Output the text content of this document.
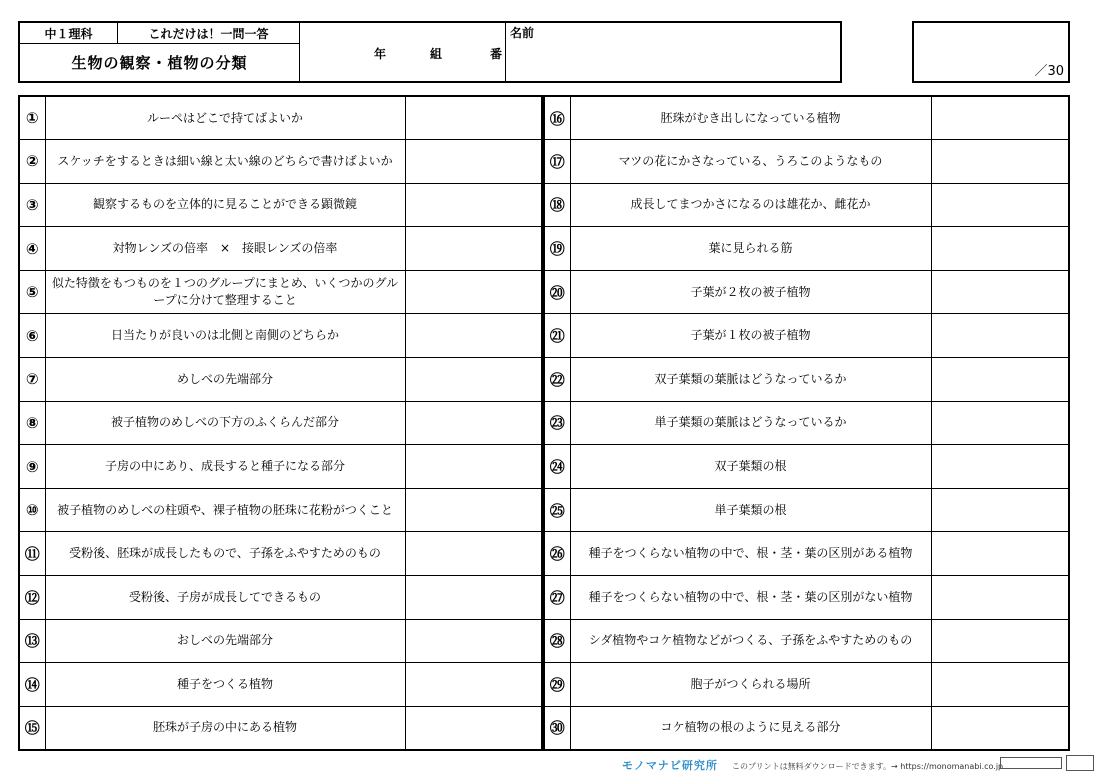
中１理科	これだけは！一問一答
生物の観察・植物の分類	年	組	番
名前
／30
①	ルーペはどこで持てばよいか	
②	スケッチをするときは細い線と太い線のどちらで書けばよいか	
③	観察するものを立体的に見ることができる顕微鏡	
④	対物レンズの倍率　×　接眼レンズの倍率	
⑤	似た特徴をもつものを１つのグループにまとめ、いくつかのグループに分けて整理すること	
⑥	日当たりが良いのは北側と南側のどちらか	
⑦	めしべの先端部分	
⑧	被子植物のめしべの下方のふくらんだ部分	
⑨	子房の中にあり、成長すると種子になる部分	
⑩	被子植物のめしべの柱頭や、裸子植物の胚珠に花粉がつくこと	
⑪	受粉後、胚珠が成長したもので、子孫をふやすためのもの	
⑫	受粉後、子房が成長してできるもの	
⑬	おしべの先端部分	
⑭	種子をつくる植物	
⑮	胚珠が子房の中にある植物	
⑯	胚珠がむき出しになっている植物	
⑰	マツの花にかさなっている、うろこのようなもの	
⑱	成長してまつかさになるのは雄花か、雌花か	
⑲	葉に見られる筋	
⑳	子葉が２枚の被子植物	
㉑	子葉が１枚の被子植物	
㉒	双子葉類の葉脈はどうなっているか	
㉓	単子葉類の葉脈はどうなっているか	
㉔	双子葉類の根	
㉕	単子葉類の根	
㉖	種子をつくらない植物の中で、根・茎・葉の区別がある植物	
㉗	種子をつくらない植物の中で、根・茎・葉の区別がない植物	
㉘	シダ植物やコケ植物などがつくる、子孫をふやすためのもの	
㉙	胞子がつくられる場所	
㉚	コケ植物の根のように見える部分	
モノマナビ研究所 このプリントは無料ダウンロードできます。→ https://monomanabi.co.jp
